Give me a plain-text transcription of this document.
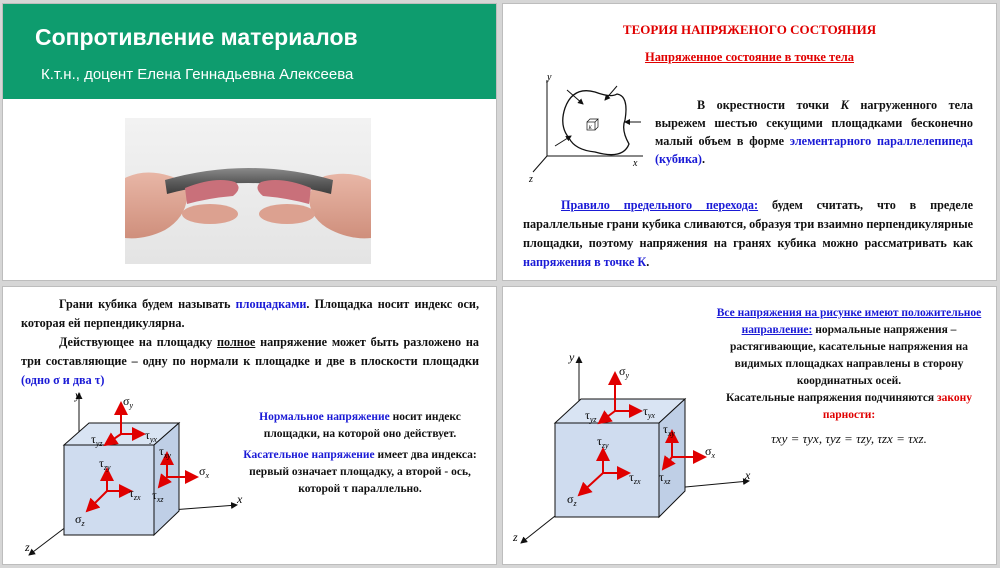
Сопротивление материалов
К.т.н., доцент Елена Геннадьевна Алексеева
ТЕОРИЯ НАПРЯЖЕНОГО СОСТОЯНИЯ
Напряженное состояние в точке тела
y
x
z
K
В окрестности точки К нагруженного тела вырежем шестью секущими площадками бесконечно малый объем в форме элементарного параллелепипеда (кубика).
Правило предельного перехода: будем считать, что в пределе параллельные грани кубика сливаются, образуя три взаимно перпендикулярные площадки, поэтому напряжения на гранях кубика можно рассматривать как напряжения в точке К.

Грани кубика будем называть площадками. Площадка носит индекс оси, которая ей перпендикулярна.

Действующее на площадку полное напряжение может быть разложено на три составляющие – одну по нормали к площадке и две в плоскости площадки (одно σ и два τ)

y
x
z
$\sigma_y$
$\tau_{yx}$
$\tau_{yz}$
$\sigma_x$
$\tau_{xy}$
$\tau_{xz}$
$\tau_{zy}$
$\tau_{zx}$
$\sigma_z$
Нормальное напряжение носит индекс площадки, на которой оно действует.
Касательное напряжение имеет два индекса: первый означает площадку, а второй - ось, которой τ параллельно.
y
x
z
$\sigma_y$
$\tau_{yx}$
$\tau_{yz}$
$\sigma_x$
$\tau_{xy}$
$\tau_{xz}$
$\tau_{zy}$
$\tau_{zx}$
$\sigma_z$
Все напряжения на рисунке имеют положительное направление: нормальные напряжения – растягивающие, касательные напряжения на видимых площадках направлены в сторону координатных осей.
Касательные напряжения подчиняются закону парности:
τxy = τyx, τyz = τzy, τzx = τxz.
